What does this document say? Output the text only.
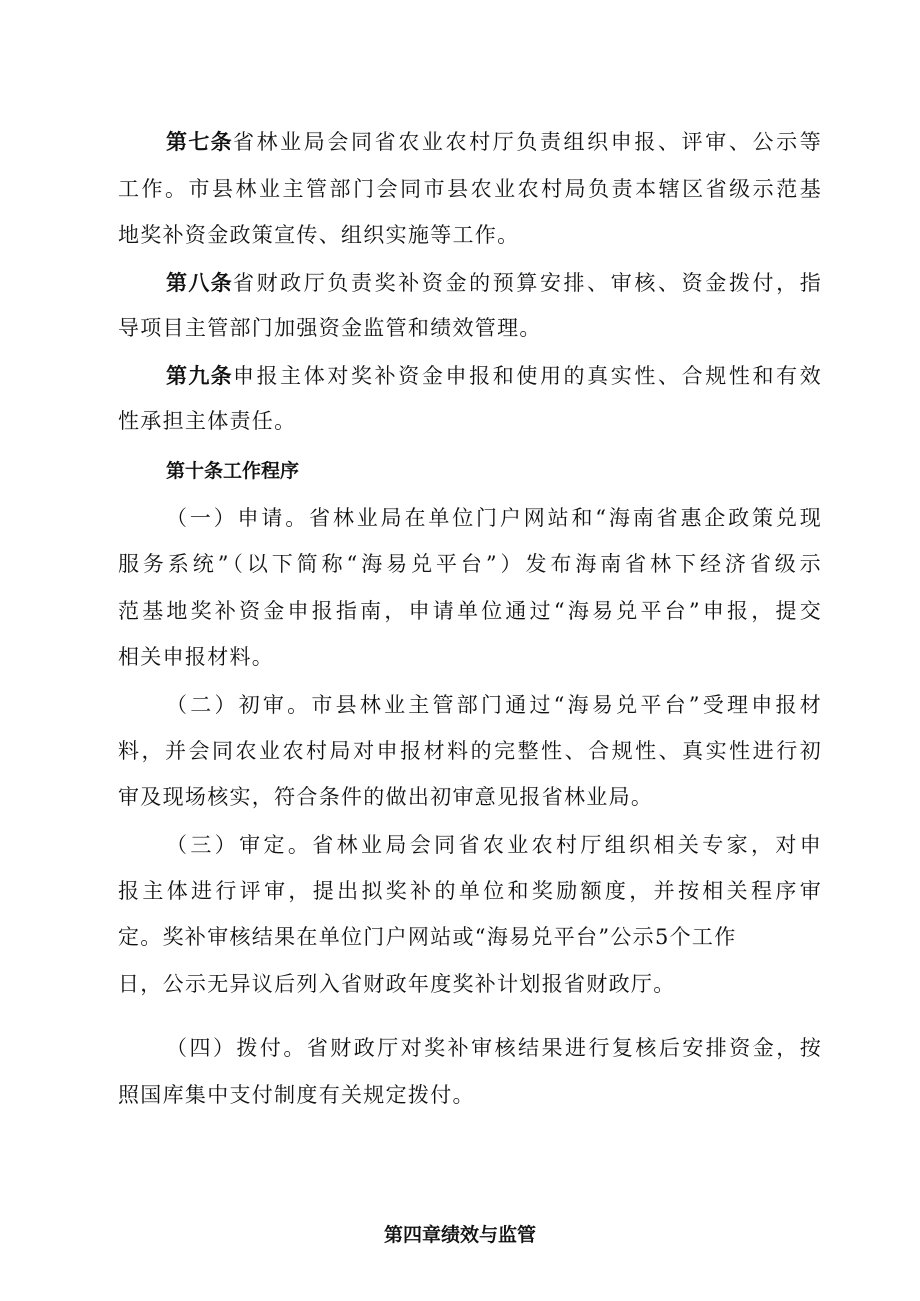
第七条省林业局会同省农业农村厅负责组织申报、评审、公示等
工作。市县林业主管部门会同市县农业农村局负责本辖区省级示范基
地奖补资金政策宣传、组织实施等工作。
第八条省财政厅负责奖补资金的预算安排、审核、资金拨付，指
导项目主管部门加强资金监管和绩效管理。
第九条申报主体对奖补资金申报和使用的真实性、合规性和有效
性承担主体责任。
第十条工作程序
（一）申请。省林业局在单位门户网站和“海南省惠企政策兑现
服务系统”（以下简称“海易兑平台”）发布海南省林下经济省级示
范基地奖补资金申报指南，申请单位通过“海易兑平台”申报，提交
相关申报材料。
（二）初审。市县林业主管部门通过“海易兑平台”受理申报材
料，并会同农业农村局对申报材料的完整性、合规性、真实性进行初
审及现场核实，符合条件的做出初审意见报省林业局。
（三）审定。省林业局会同省农业农村厅组织相关专家，对申
报主体进行评审，提出拟奖补的单位和奖励额度，并按相关程序审
定。奖补审核结果在单位门户网站或“海易兑平台”公示5个工作
日，公示无异议后列入省财政年度奖补计划报省财政厅。
（四）拨付。省财政厅对奖补审核结果进行复核后安排资金，按
照国库集中支付制度有关规定拨付。
第四章绩效与监管
